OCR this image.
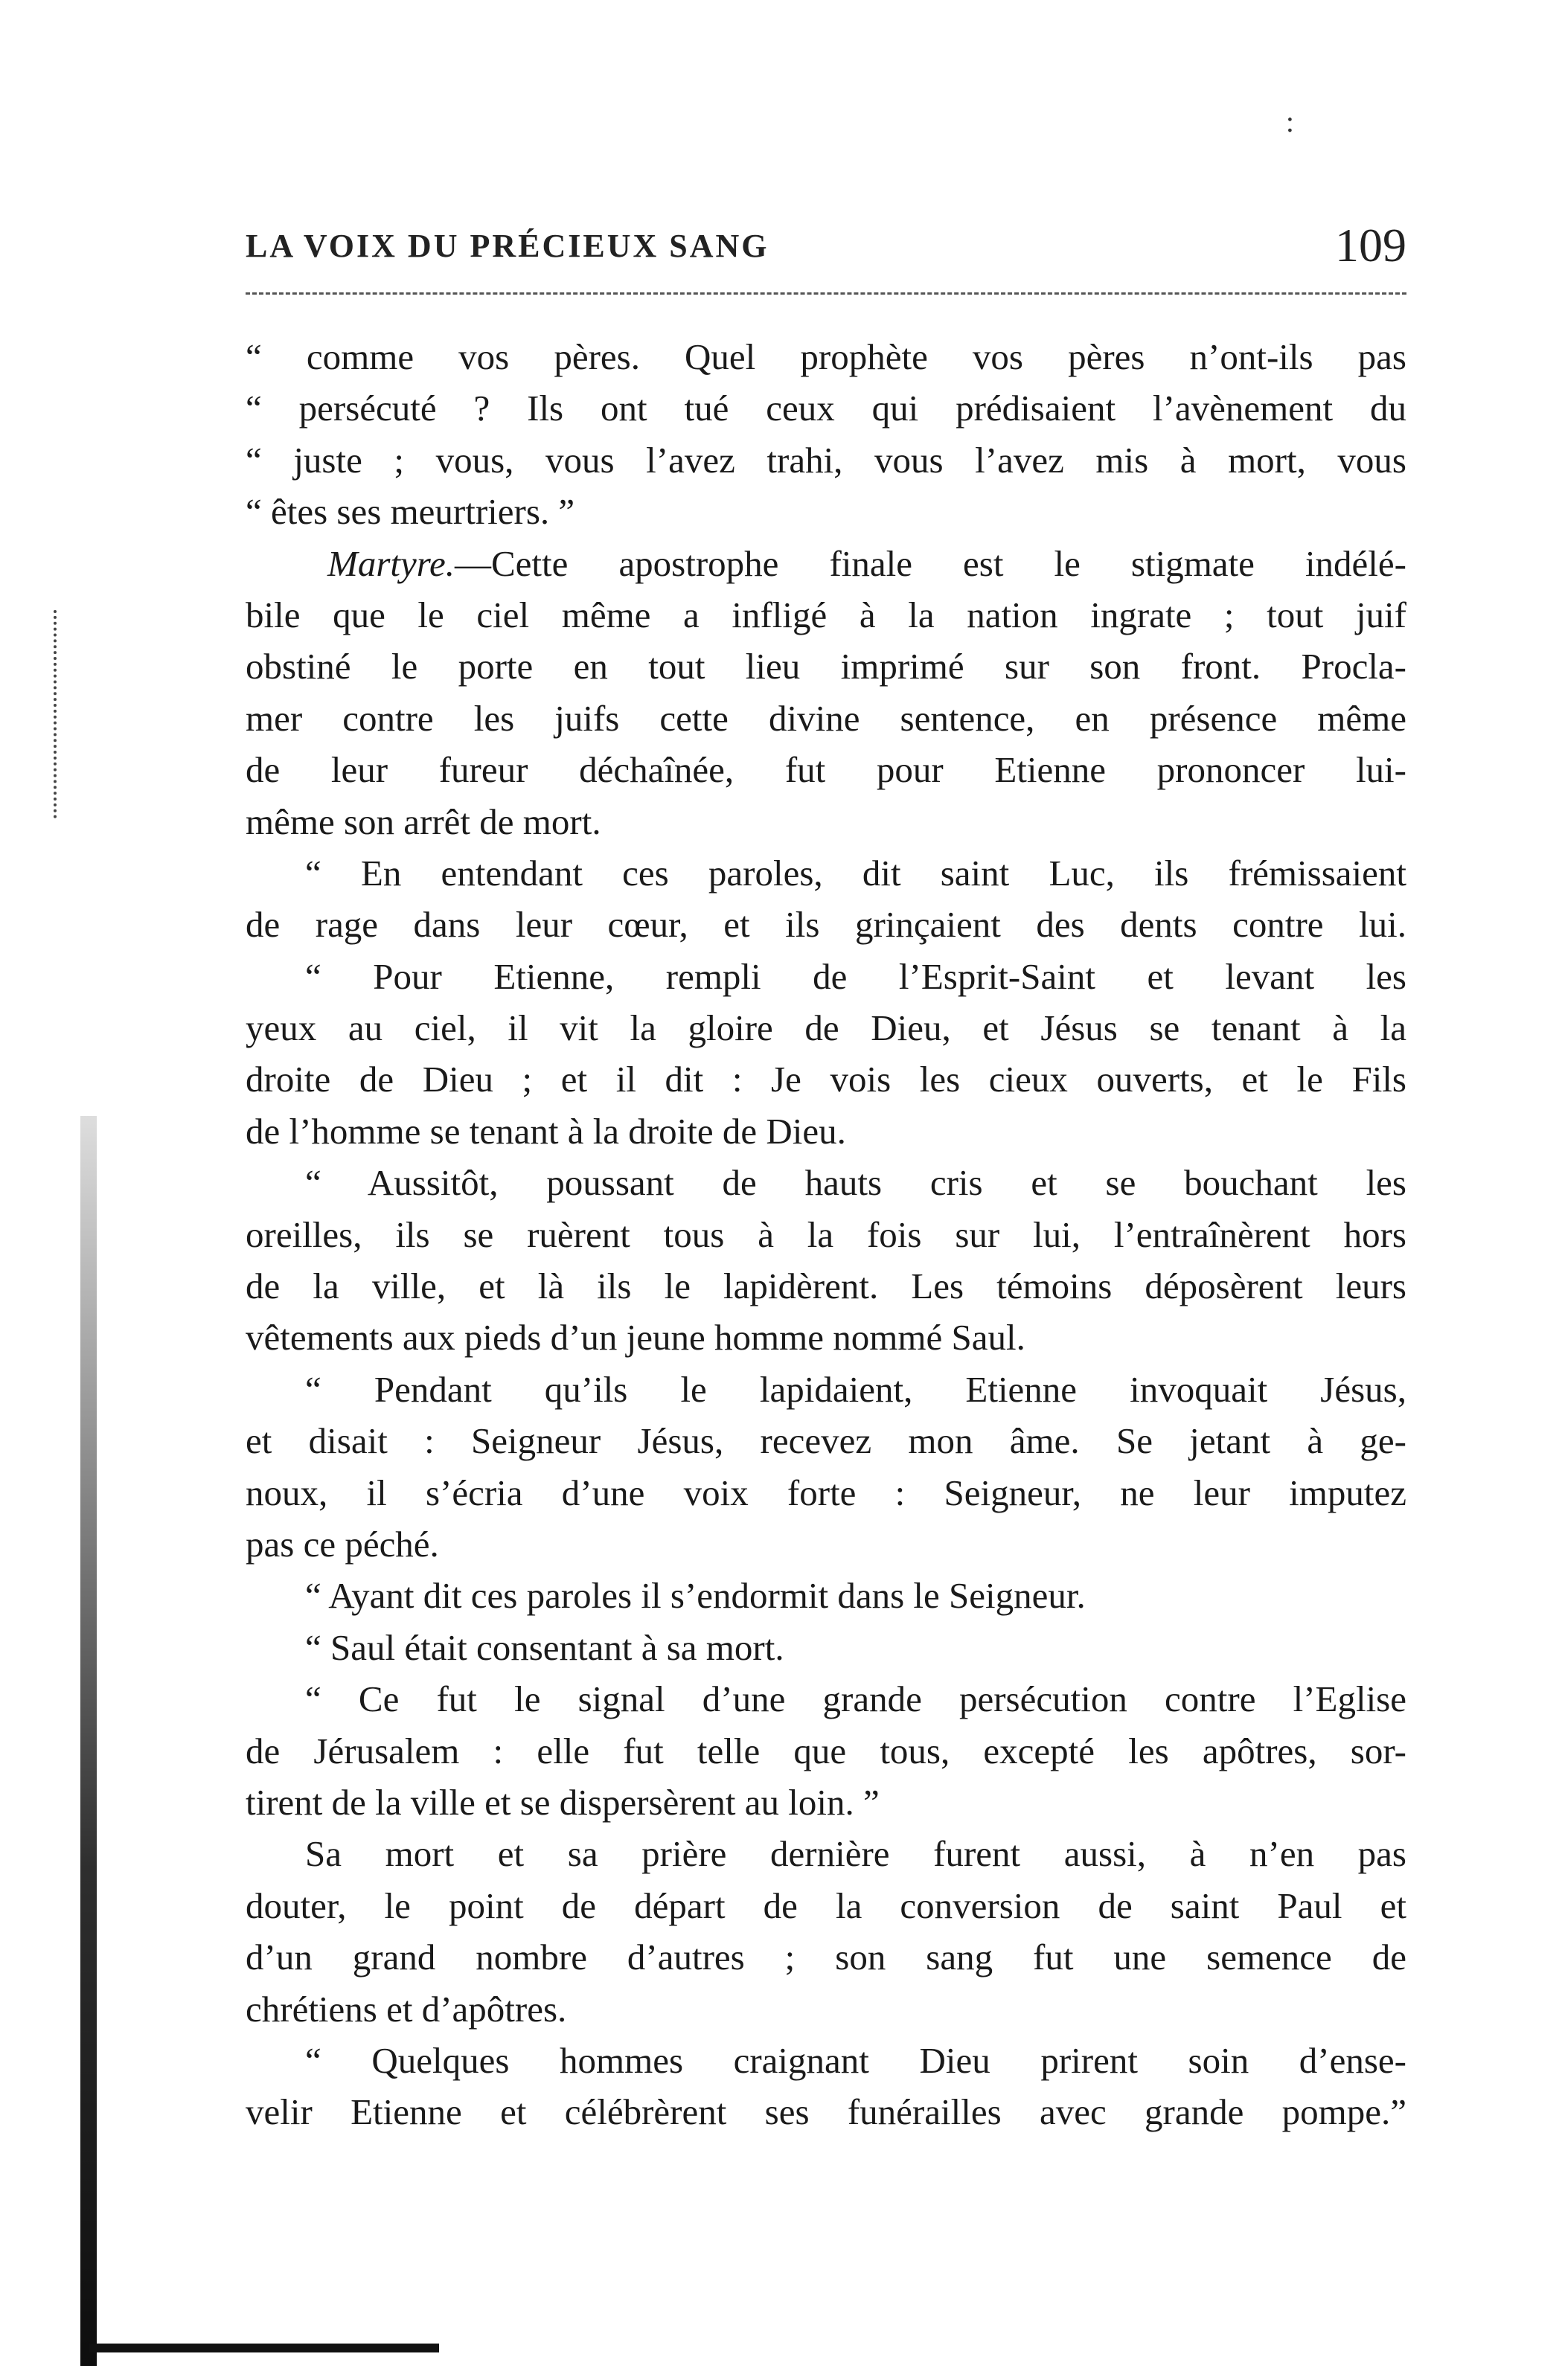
:
LA VOIX DU PRÉCIEUX SANG	109
“ comme vos pères. Quel prophète vos pères n’ont-ils pas
“ persécuté ? Ils ont tué ceux qui prédisaient l’avènement du
“ juste ; vous, vous l’avez trahi, vous l’avez mis à mort, vous
“ êtes ses meurtriers. ”
Martyre.—Cette apostrophe finale est le stigmate indélé-
bile que le ciel même a infligé à la nation ingrate ; tout juif
obstiné le porte en tout lieu imprimé sur son front. Procla-
mer contre les juifs cette divine sentence, en présence même
de leur fureur déchaînée, fut pour Etienne prononcer lui-
même son arrêt de mort.
“ En entendant ces paroles, dit saint Luc, ils frémissaient
de rage dans leur cœur, et ils grinçaient des dents contre lui.
“ Pour Etienne, rempli de l’Esprit-Saint et levant les
yeux au ciel, il vit la gloire de Dieu, et Jésus se tenant à la
droite de Dieu ; et il dit : Je vois les cieux ouverts, et le Fils
de l’homme se tenant à la droite de Dieu.
“ Aussitôt, poussant de hauts cris et se bouchant les
oreilles, ils se ruèrent tous à la fois sur lui, l’entraînèrent hors
de la ville, et là ils le lapidèrent. Les témoins déposèrent leurs
vêtements aux pieds d’un jeune homme nommé Saul.
“ Pendant qu’ils le lapidaient, Etienne invoquait Jésus,
et disait : Seigneur Jésus, recevez mon âme. Se jetant à ge-
noux, il s’écria d’une voix forte : Seigneur, ne leur imputez
pas ce péché.
“ Ayant dit ces paroles il s’endormit dans le Seigneur.
“ Saul était consentant à sa mort.
“ Ce fut le signal d’une grande persécution contre l’Eglise
de Jérusalem : elle fut telle que tous, excepté les apôtres, sor-
tirent de la ville et se dispersèrent au loin. ”
Sa mort et sa prière dernière furent aussi, à n’en pas
douter, le point de départ de la conversion de saint Paul et
d’un grand nombre d’autres ; son sang fut une semence de
chrétiens et d’apôtres.
“ Quelques hommes craignant Dieu prirent soin d’ense-
velir Etienne et célébrèrent ses funérailles avec grande pompe.”
